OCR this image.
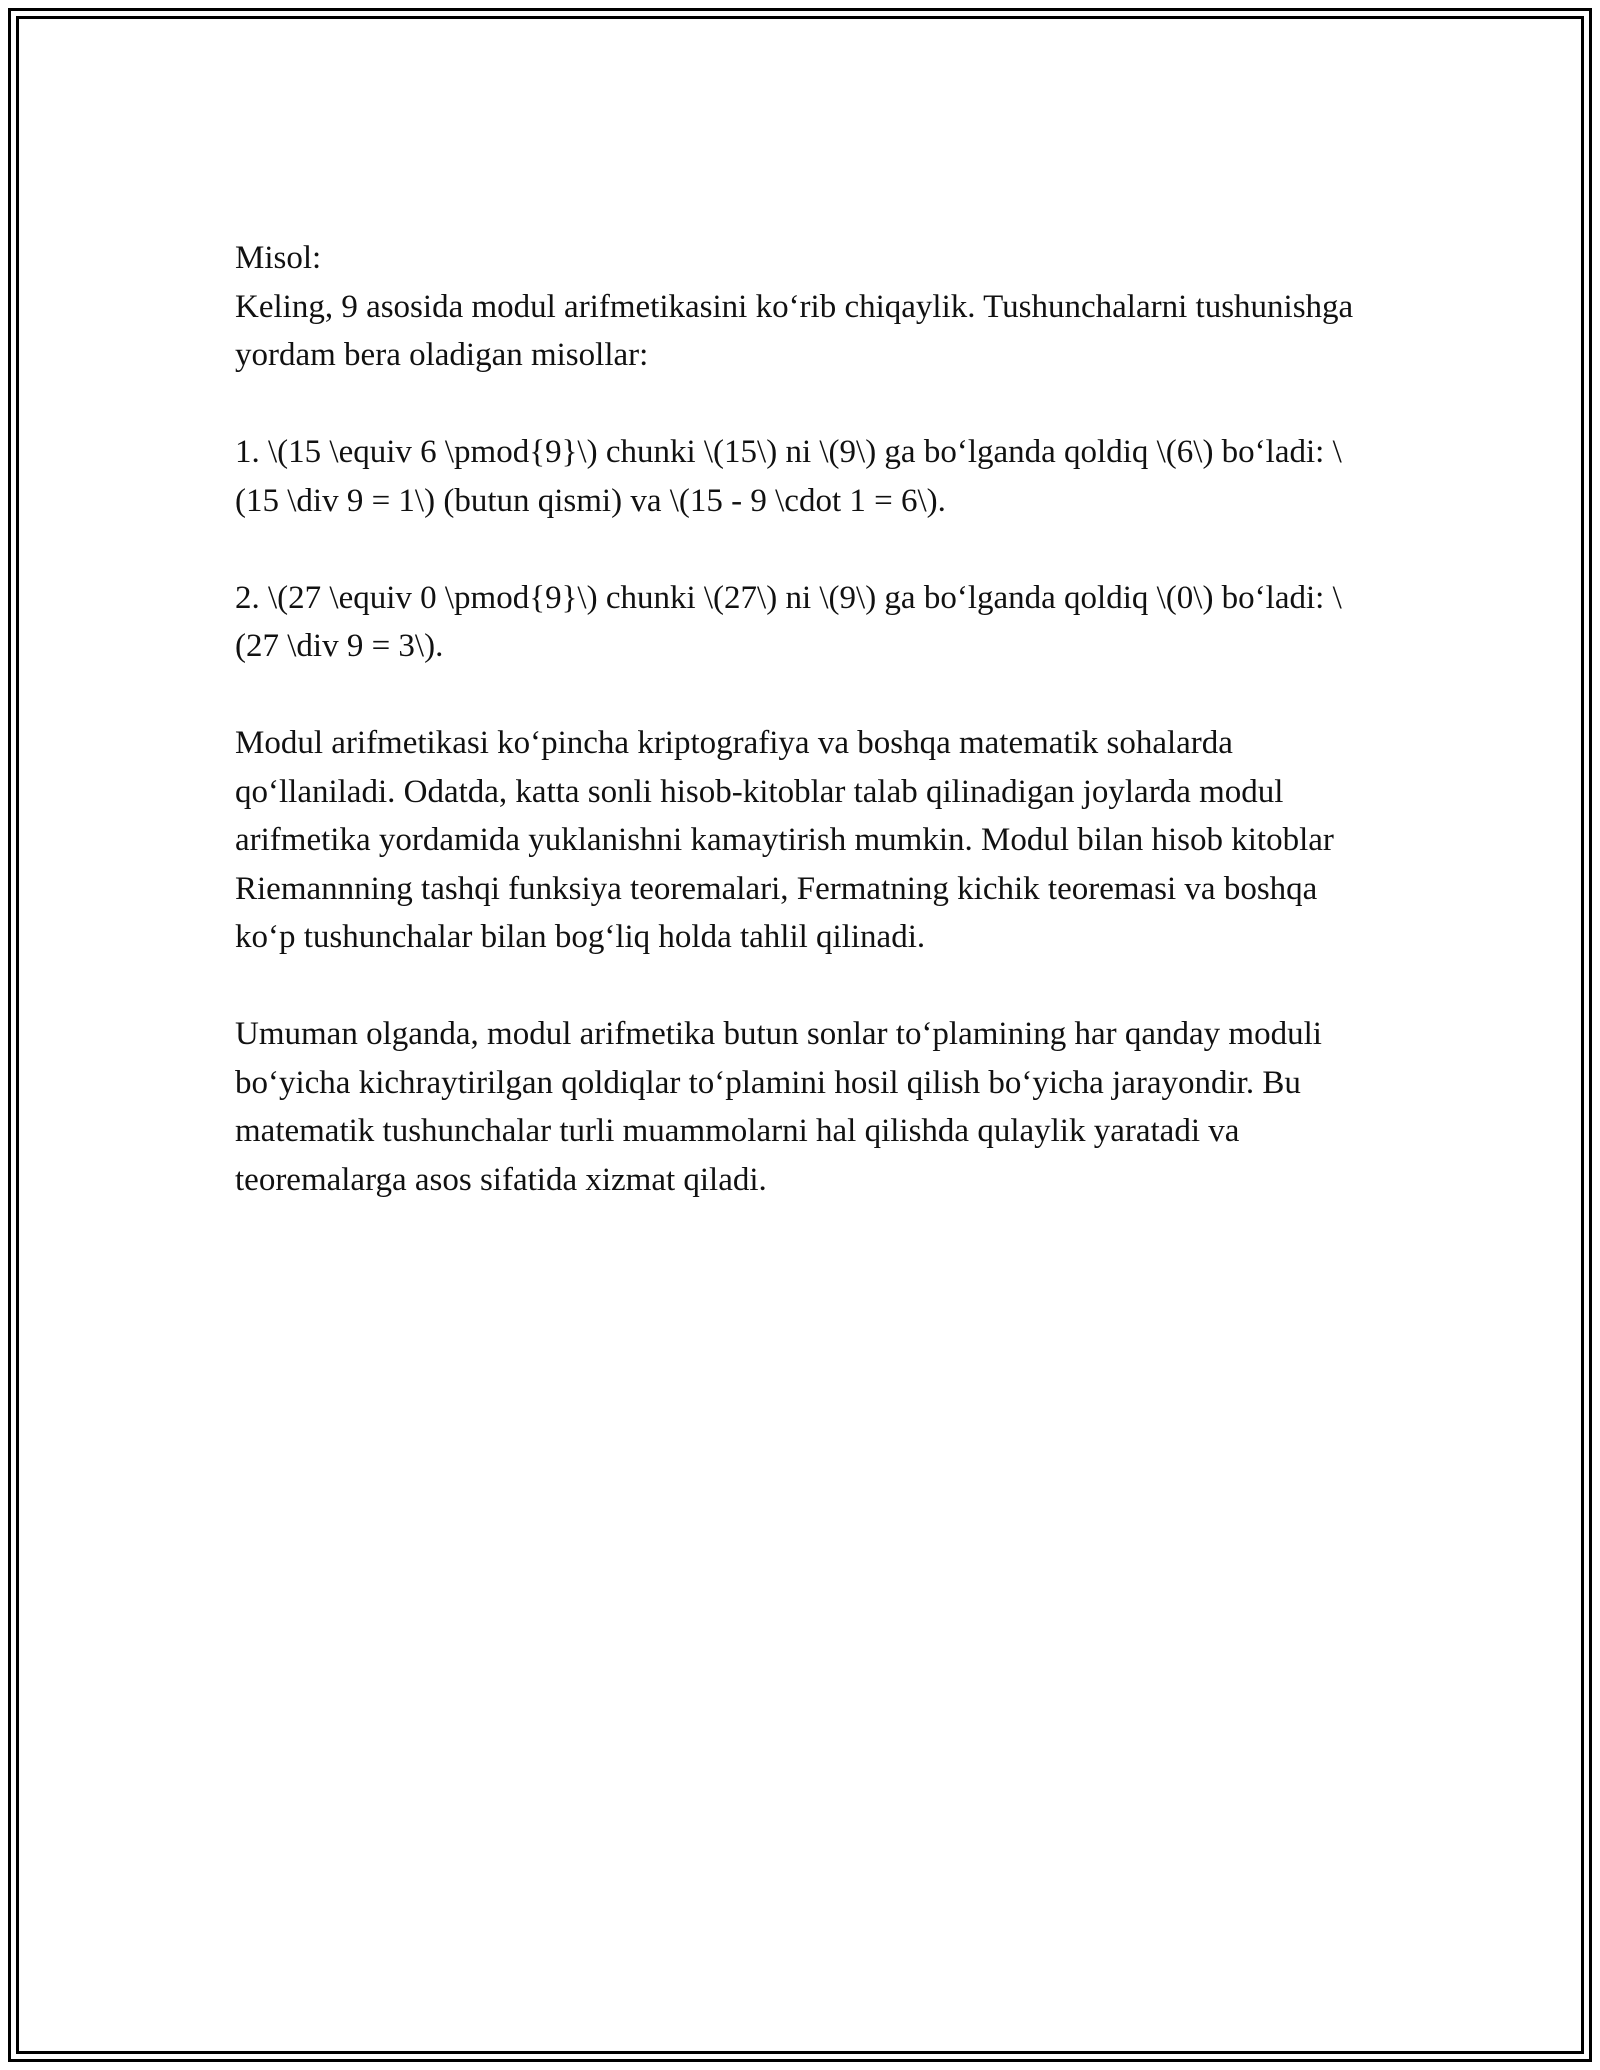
Misol:

Keling, 9 asosida modul arifmetikasini ko‘rib chiqaylik. Tushunchalarni tushunishga yordam bera oladigan misollar:

1. \(15 \equiv 6 \pmod{9}\) chunki \(15\) ni \(9\) ga bo‘lganda qoldiq \(6\) bo‘ladi: \(15 \div 9 = 1\) (butun qismi) va \(15 - 9 \cdot 1 = 6\).

2. \(27 \equiv 0 \pmod{9}\) chunki \(27\) ni \(9\) ga bo‘lganda qoldiq \(0\) bo‘ladi: \(27 \div 9 = 3\).

Modul arifmetikasi ko‘pincha kriptografiya va boshqa matematik sohalarda qo‘llaniladi. Odatda, katta sonli hisob-kitoblar talab qilinadigan joylarda modul arifmetika yordamida yuklanishni kamaytirish mumkin. Modul bilan hisob kitoblar Riemannning tashqi funksiya teoremalari, Fermatning kichik teoremasi va boshqa ko‘p tushunchalar bilan bog‘liq holda tahlil qilinadi.

Umuman olganda, modul arifmetika butun sonlar to‘plamining har qanday moduli bo‘yicha kichraytirilgan qoldiqlar to‘plamini hosil qilish bo‘yicha jarayondir. Bu matematik tushunchalar turli muammolarni hal qilishda qulaylik yaratadi va teoremalarga asos sifatida xizmat qiladi.
